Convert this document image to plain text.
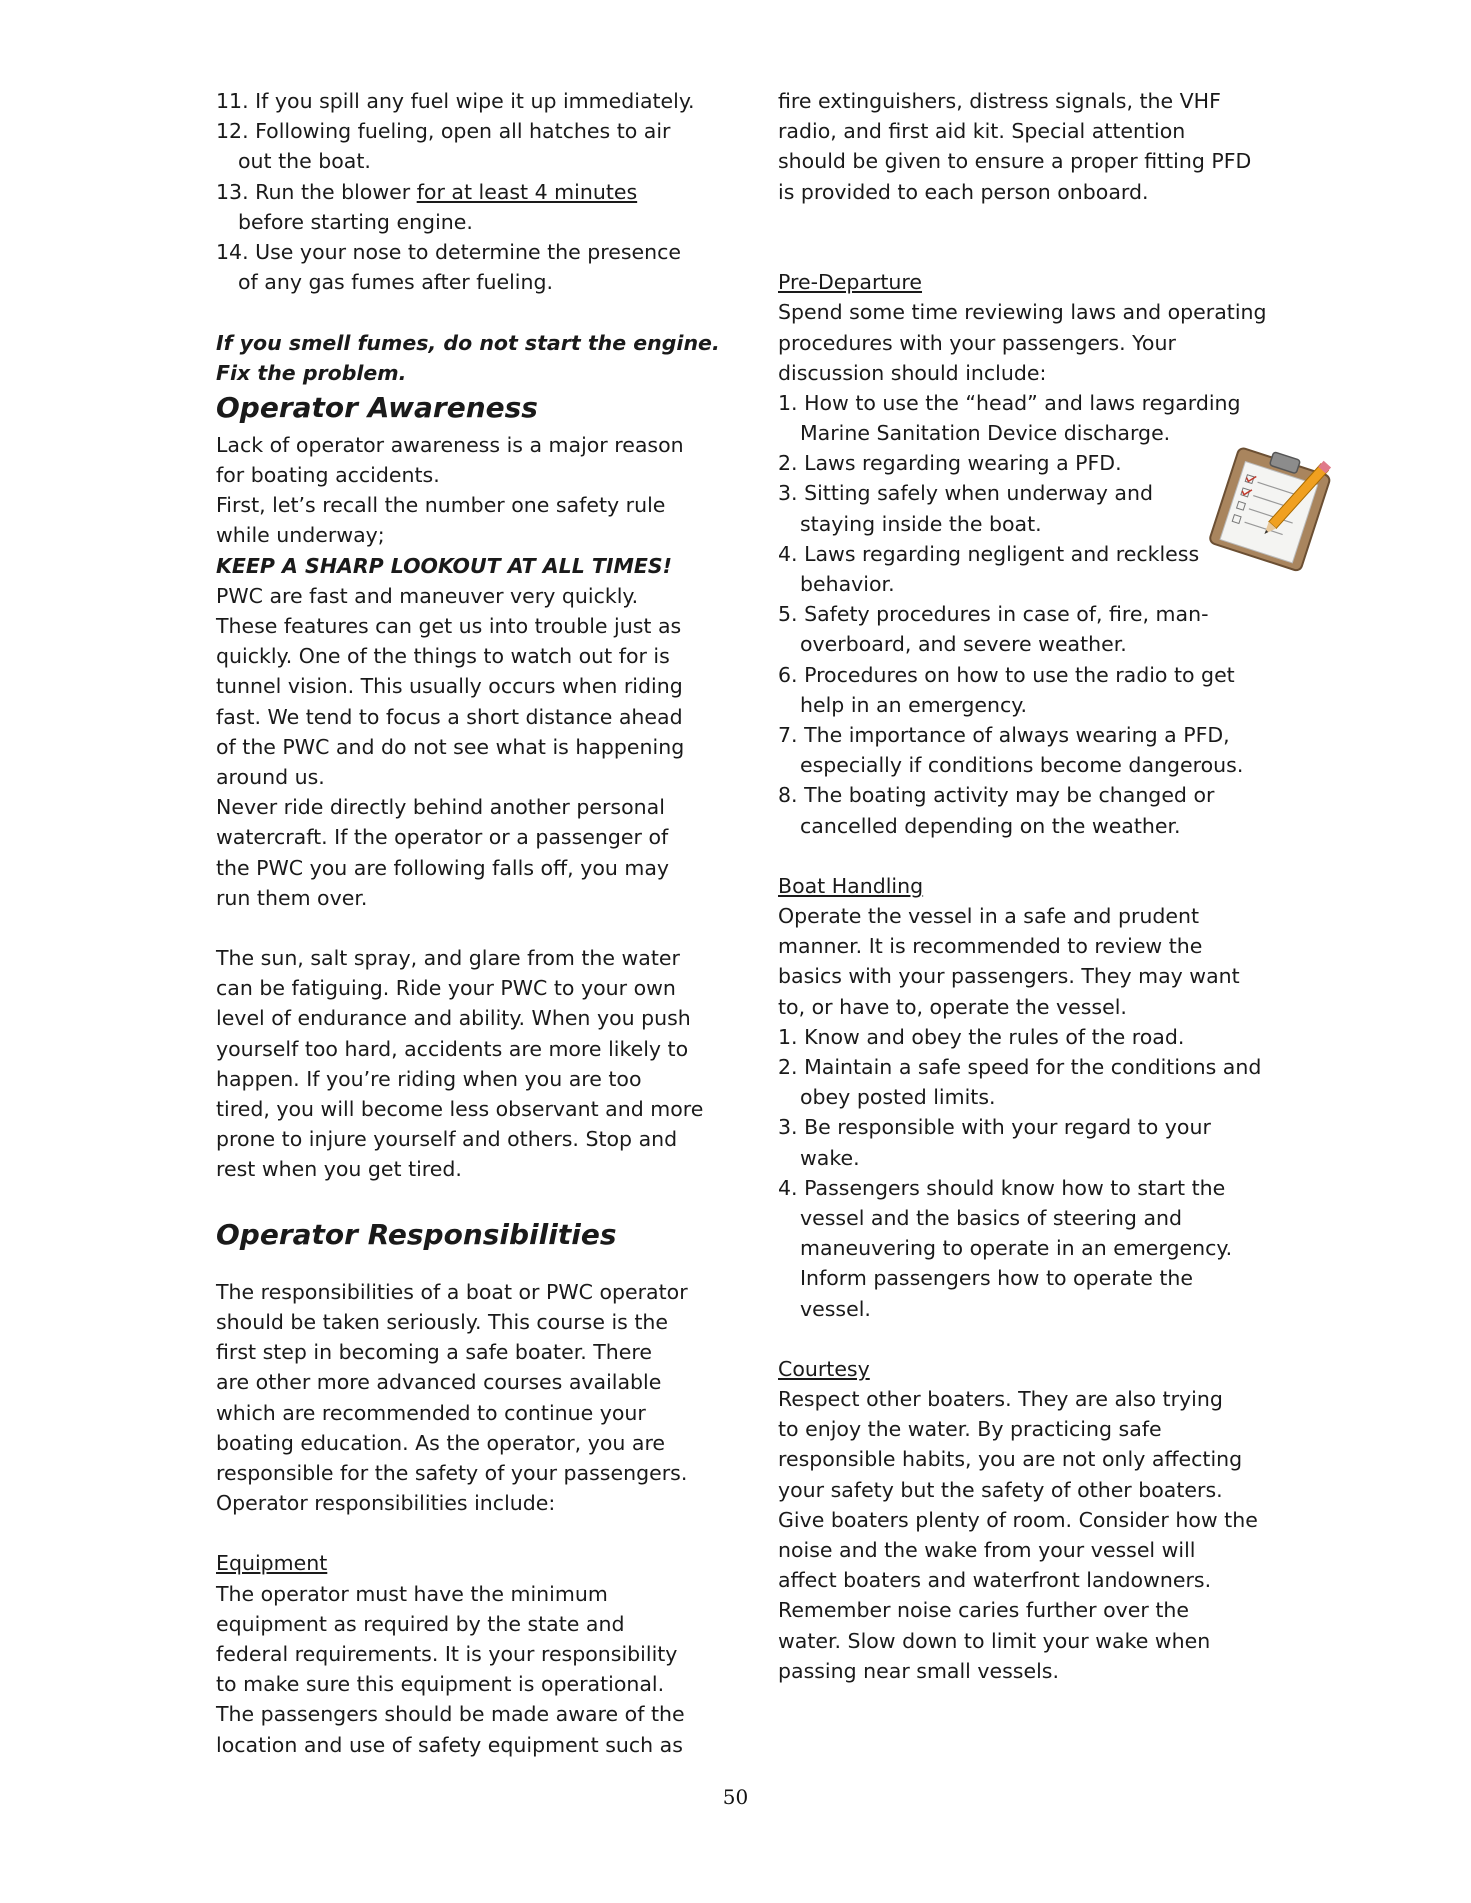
11. If you spill any fuel wipe it up immediately.
12. Following fueling, open all hatches to air
out the boat.
13. Run the blower for at least 4 minutes
before starting engine.
14. Use your nose to determine the presence
of any gas fumes after fueling.
If you smell fumes, do not start the engine.
Fix the problem.
Operator Awareness
Lack of operator awareness is a major reason
for boating accidents.
First, let’s recall the number one safety rule
while underway;
KEEP A SHARP LOOKOUT AT ALL TIMES!
PWC are fast and maneuver very quickly.
These features can get us into trouble just as
quickly. One of the things to watch out for is
tunnel vision. This usually occurs when riding
fast. We tend to focus a short distance ahead
of the PWC and do not see what is happening
around us.
Never ride directly behind another personal
watercraft. If the operator or a passenger of
the PWC you are following falls off, you may
run them over.
The sun, salt spray, and glare from the water
can be fatiguing. Ride your PWC to your own
level of endurance and ability. When you push
yourself too hard, accidents are more likely to
happen. If you’re riding when you are too
tired, you will become less observant and more
prone to injure yourself and others. Stop and
rest when you get tired.
Operator Responsibilities
The responsibilities of a boat or PWC operator
should be taken seriously. This course is the
first step in becoming a safe boater. There
are other more advanced courses available
which are recommended to continue your
boating education. As the operator, you are
responsible for the safety of your passengers.
Operator responsibilities include:
Equipment
The operator must have the minimum
equipment as required by the state and
federal requirements. It is your responsibility
to make sure this equipment is operational.
The passengers should be made aware of the
location and use of safety equipment such as
fire extinguishers, distress signals, the VHF
radio, and first aid kit. Special attention
should be given to ensure a proper fitting PFD
is provided to each person onboard.
Pre-Departure
Spend some time reviewing laws and operating
procedures with your passengers. Your
discussion should include:
1. How to use the “head” and laws regarding
Marine Sanitation Device discharge.
2. Laws regarding wearing a PFD.
3. Sitting safely when underway and
staying inside the boat.
4. Laws regarding negligent and reckless
behavior.
5. Safety procedures in case of, fire, man-
overboard, and severe weather.
6. Procedures on how to use the radio to get
help in an emergency.
7. The importance of always wearing a PFD,
especially if conditions become dangerous.
8. The boating activity may be changed or
cancelled depending on the weather.
Boat Handling
Operate the vessel in a safe and prudent
manner. It is recommended to review the
basics with your passengers. They may want
to, or have to, operate the vessel.
1. Know and obey the rules of the road.
2. Maintain a safe speed for the conditions and
obey posted limits.
3. Be responsible with your regard to your
wake.
4. Passengers should know how to start the
vessel and the basics of steering and
maneuvering to operate in an emergency.
Inform passengers how to operate the
vessel.
Courtesy
Respect other boaters. They are also trying
to enjoy the water. By practicing safe
responsible habits, you are not only affecting
your safety but the safety of other boaters.
Give boaters plenty of room. Consider how the
noise and the wake from your vessel will
affect boaters and waterfront landowners.
Remember noise caries further over the
water. Slow down to limit your wake when
passing near small vessels.
50
